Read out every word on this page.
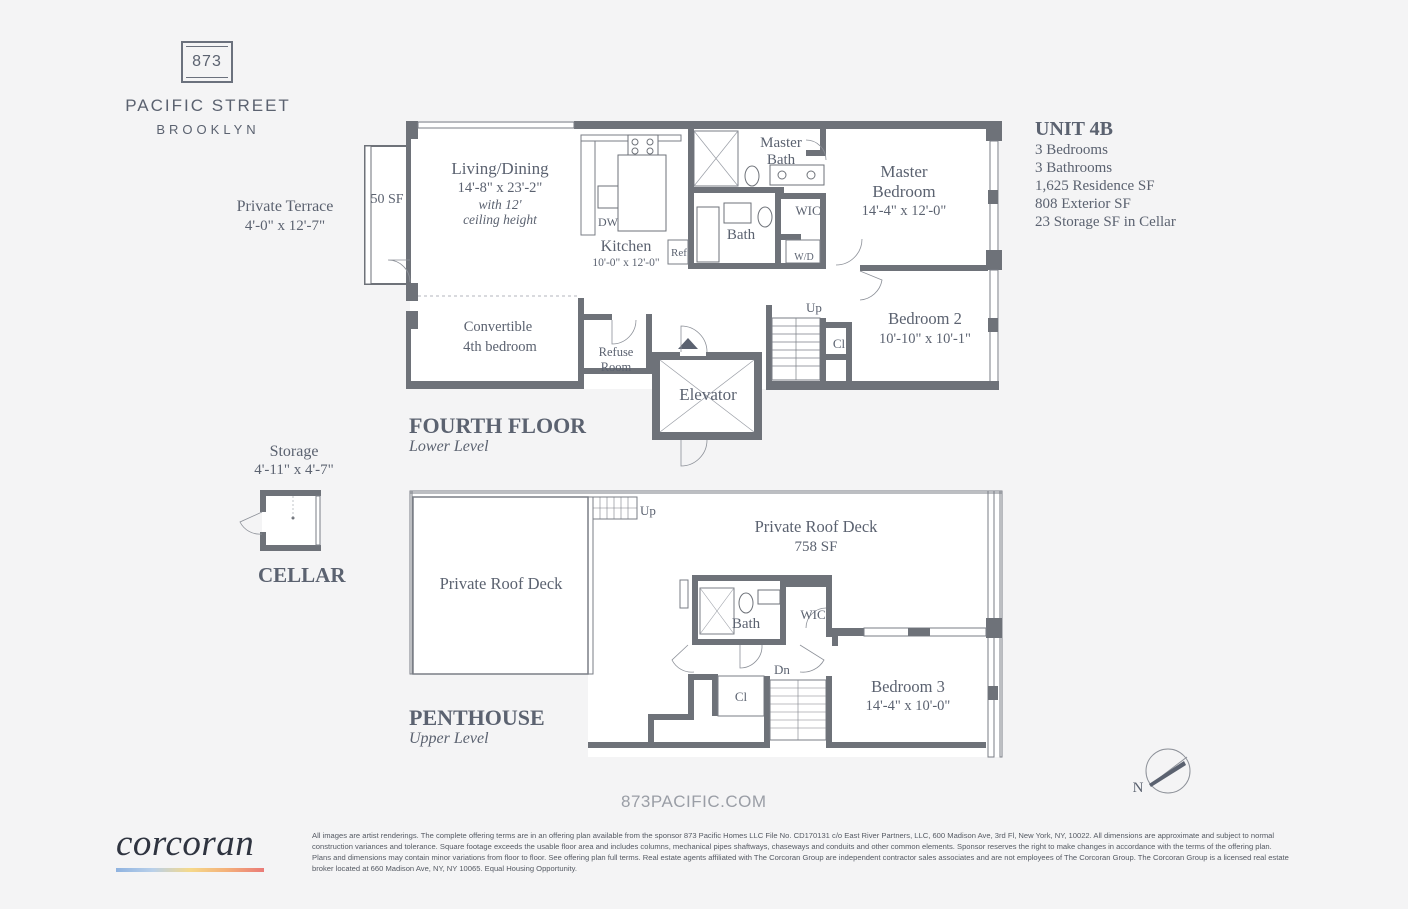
873
PACIFIC STREET
BROOKLYN	UNIT 4B
3 Bedrooms
3 Bathrooms
1,625 Residence SF
808 Exterior SF
23 Storage SF in Cellar
Private Terrace
4'-0" x 12'-7"
50 SF
Living/Dining
14'-8" x 23'-2"
with 12'
ceiling height
Kitchen
10'-0" x 12'-0"
DW
Ref
Master
Bath
Bath
WIC
W/D
Master
Bedroom
14'-4" x 12'-0"
Bedroom 2
10'-10" x 10'-1"
Cl
Up
Convertible
4th bedroom	Refuse
Room
Elevator
Storage
4'-11" x 4'-7"
Private Roof Deck
Private Roof Deck
758 SF
Up
Bath
WIC
Cl
Dn
Bedroom 3
14'-4" x 10'-0"
N
FOURTH FLOOR
Lower Level
CELLAR
PENTHOUSE
Upper Level
873PACIFIC.COM
corcoran	All images are artist renderings. The complete offering terms are in an offering plan available from the sponsor 873 Pacific Homes LLC File No. CD170131 c/o East River Partners, LLC, 600 Madison Ave, 3rd Fl, New York, NY, 10022. All dimensions are approximate and subject to normal construction variances and tolerance. Square footage exceeds the usable floor area and includes columns, mechanical pipes shaftways, chaseways and conduits and other common elements. Sponsor reserves the right to make changes in accordance with the terms of the offering plan. Plans and dimensions may contain minor variations from floor to floor. See offering plan full terms. Real estate agents affiliated with The Corcoran Group are independent contractor sales associates and are not employees of The Corcoran Group. The Corcoran Group is a licensed real estate broker located at 660 Madison Ave, NY, NY 10065. Equal Housing Opportunity.
